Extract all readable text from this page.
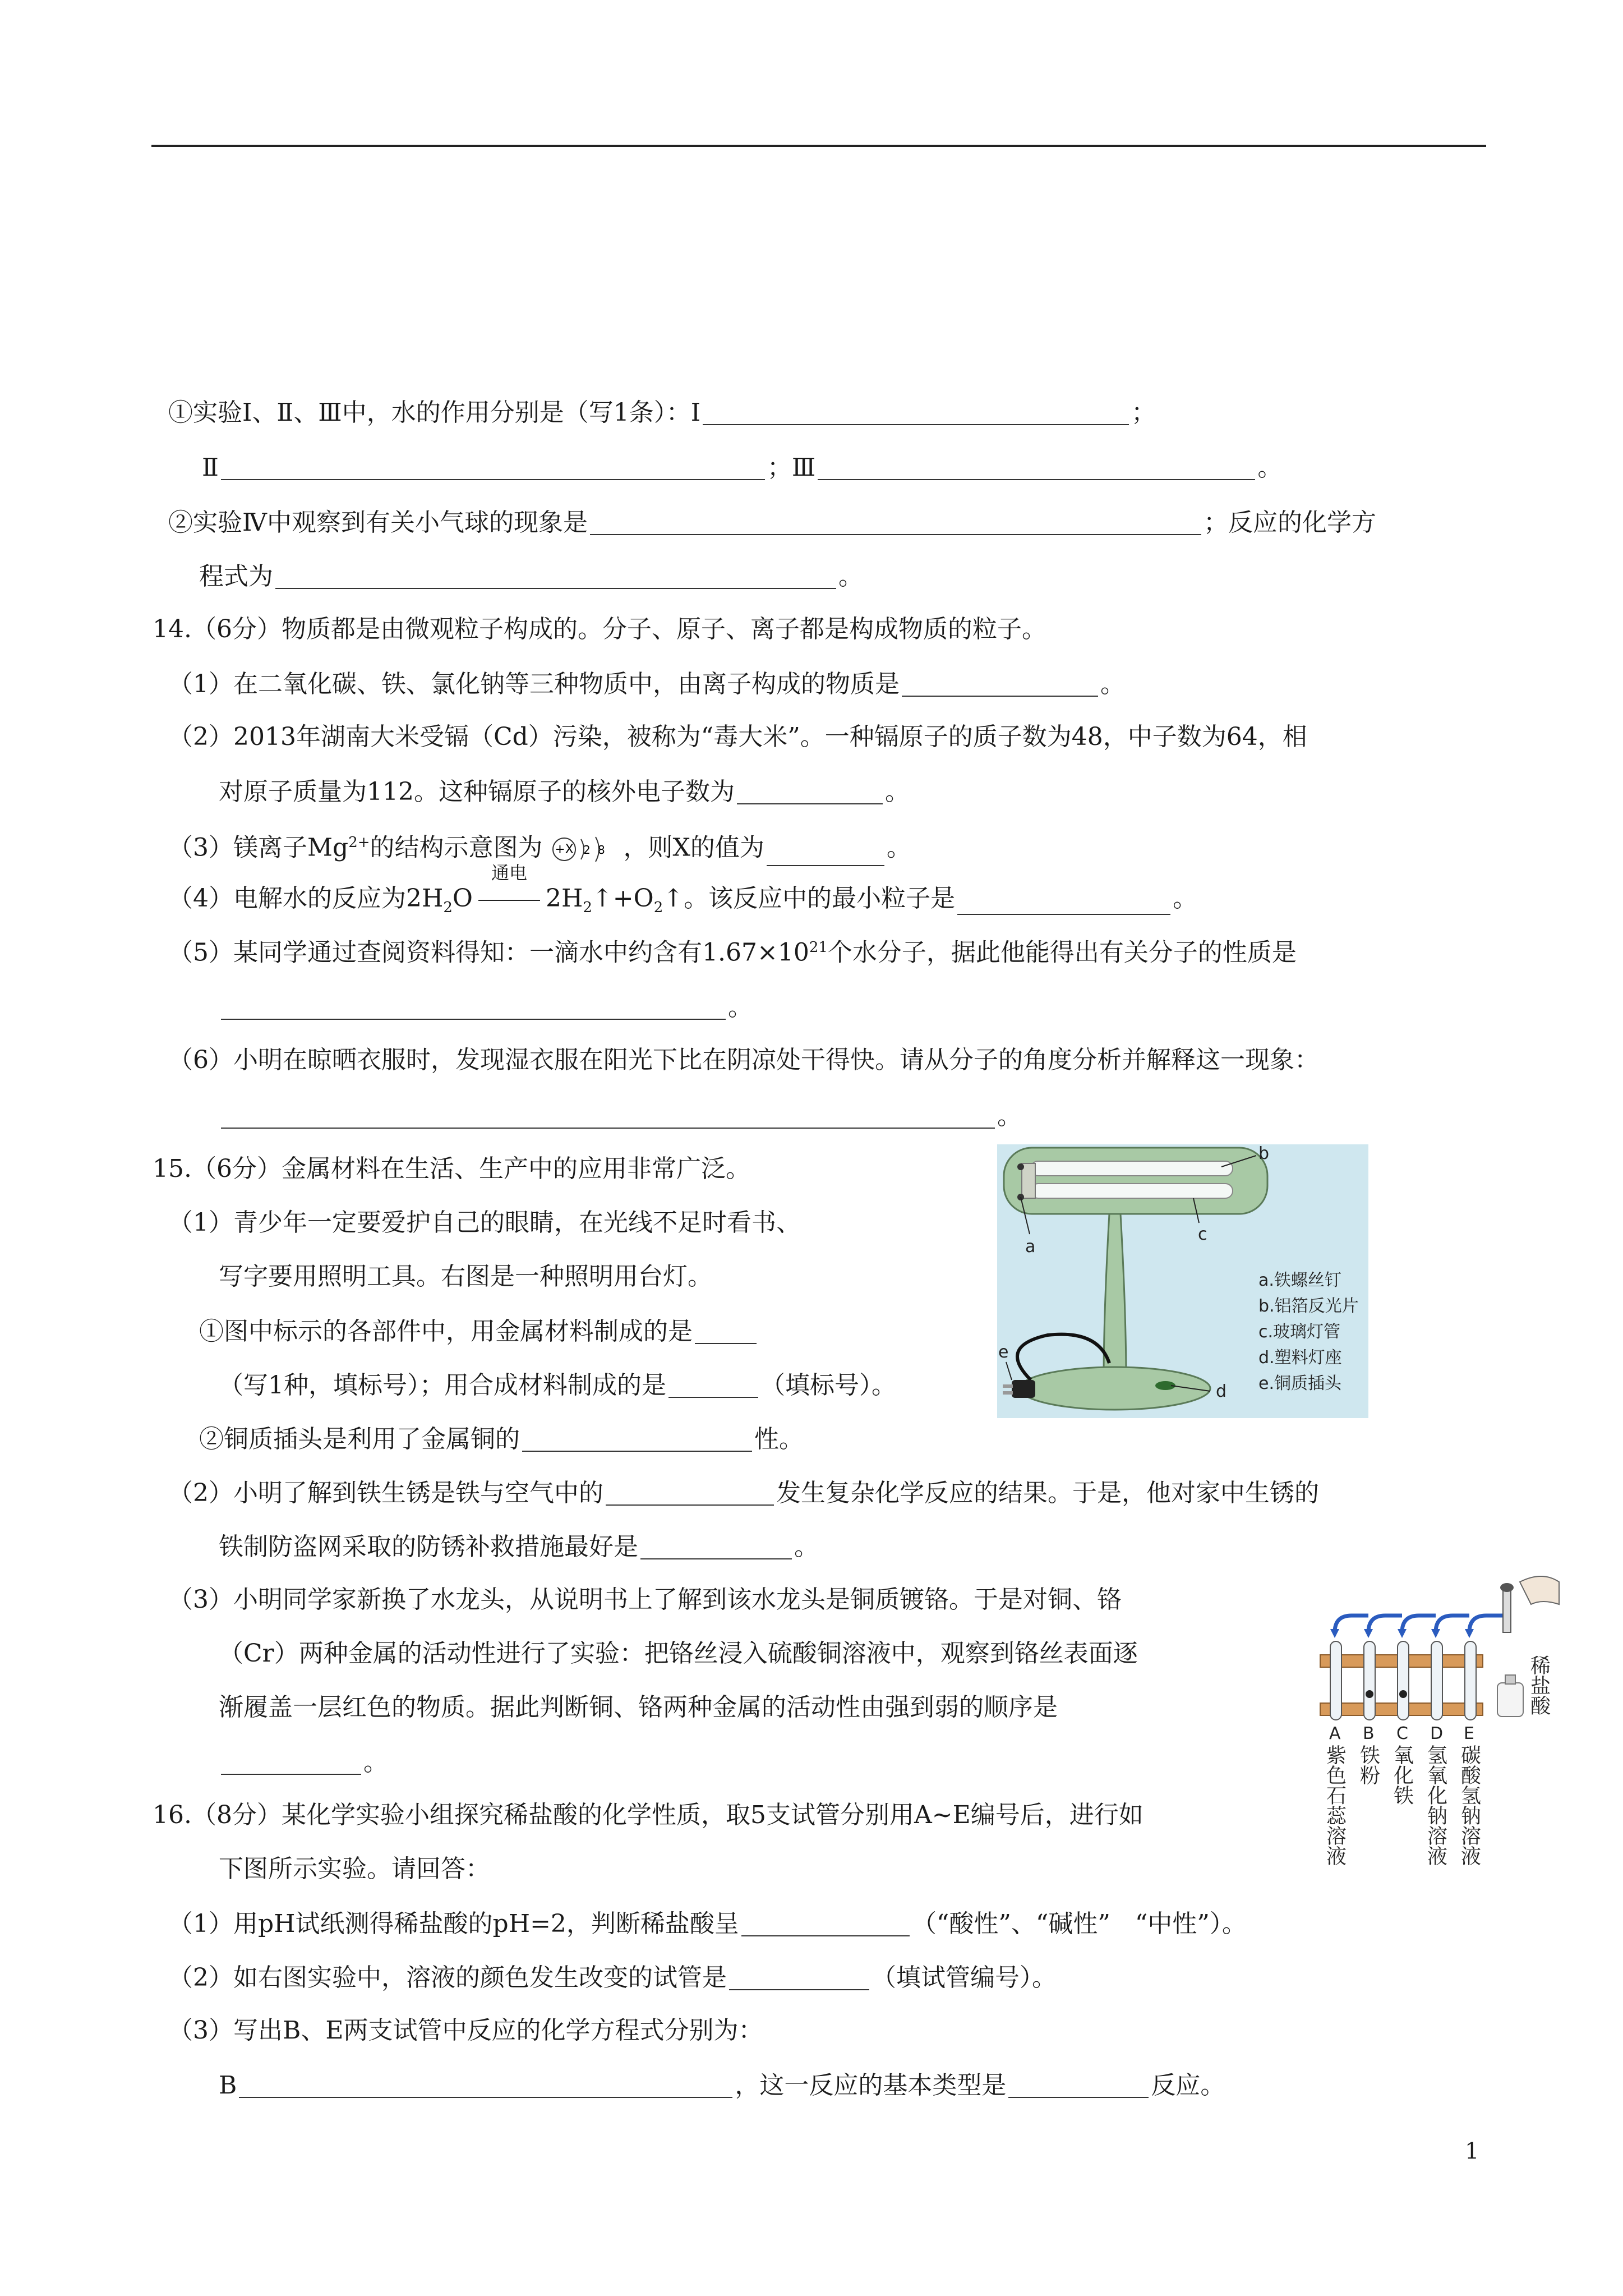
①实验Ⅰ、Ⅱ、Ⅲ中，水的作用分别是（写1条）：Ⅰ	；
Ⅱ	；Ⅲ	。
②实验Ⅳ中观察到有关小气球的现象是	；反应的化学方
程式为	。
14.（6分）物质都是由微观粒子构成的。分子、原子、离子都是构成物质的粒子。
（1）在二氧化碳、铁、氯化钠等三种物质中，由离子构成的物质是	。
（2）2013年湖南大米受镉（Cd）污染，被称为“毒大米”。一种镉原子的质子数为48，中子数为64，相
对原子质量为112。这种镉原子的核外电子数为	。
（3）镁离子$Mg^{2+}$的结构示意图为 +X 2 8 ，则X的值为	。
（4）电解水的反应为$2H_2O$
通电
$2H_2↑+O_2↑$。该反应中的最小粒子是	。
（5）某同学通过查阅资料得知：一滴水中约含有$1.67\times 10^{21}$个水分子，据此他能得出有关分子的性质是
。
（6）小明在晾晒衣服时，发现湿衣服在阳光下比在阴凉处干得快。请从分子的角度分析并解释这一现象：
。
15.（6分）金属材料在生活、生产中的应用非常广泛。
（1）青少年一定要爱护自己的眼睛，在光线不足时看书、
写字要用照明工具。右图是一种照明用台灯。
①图中标示的各部件中，用金属材料制成的是
（写1种，填标号）；用合成材料制成的是	（填标号）。
②铜质插头是利用了金属铜的	性。
（2）小明了解到铁生锈是铁与空气中的	发生复杂化学反应的结果。于是，他对家中生锈的
铁制防盗网采取的防锈补救措施最好是	。
（3）小明同学家新换了水龙头，从说明书上了解到该水龙头是铜质镀铬。于是对铜、铬
（Cr）两种金属的活动性进行了实验：把铬丝浸入硫酸铜溶液中，观察到铬丝表面逐
渐履盖一层红色的物质。据此判断铜、铬两种金属的活动性由强到弱的顺序是
。
16.（8分）某化学实验小组探究稀盐酸的化学性质，取5支试管分别用A~E编号后，进行如
下图所示实验。请回答：
（1）用pH试纸测得稀盐酸的pH=2，判断稀盐酸呈	（“酸性”、“碱性”　“中性”）。
（2）如右图实验中，溶液的颜色发生改变的试管是	（填试管编号）。
（3）写出B、E两支试管中反应的化学方程式分别为：
B	，这一反应的基本类型是	反应。
1
a
b
c
d
e
a.铁螺丝钉
b.铝箔反光片
c.玻璃灯管
d.塑料灯座
e.铜质插头
稀盐酸
A B C D E
紫色石蕊溶液 铁粉 氧化铁 氢氧化钠溶液 碳酸氢钠溶液
